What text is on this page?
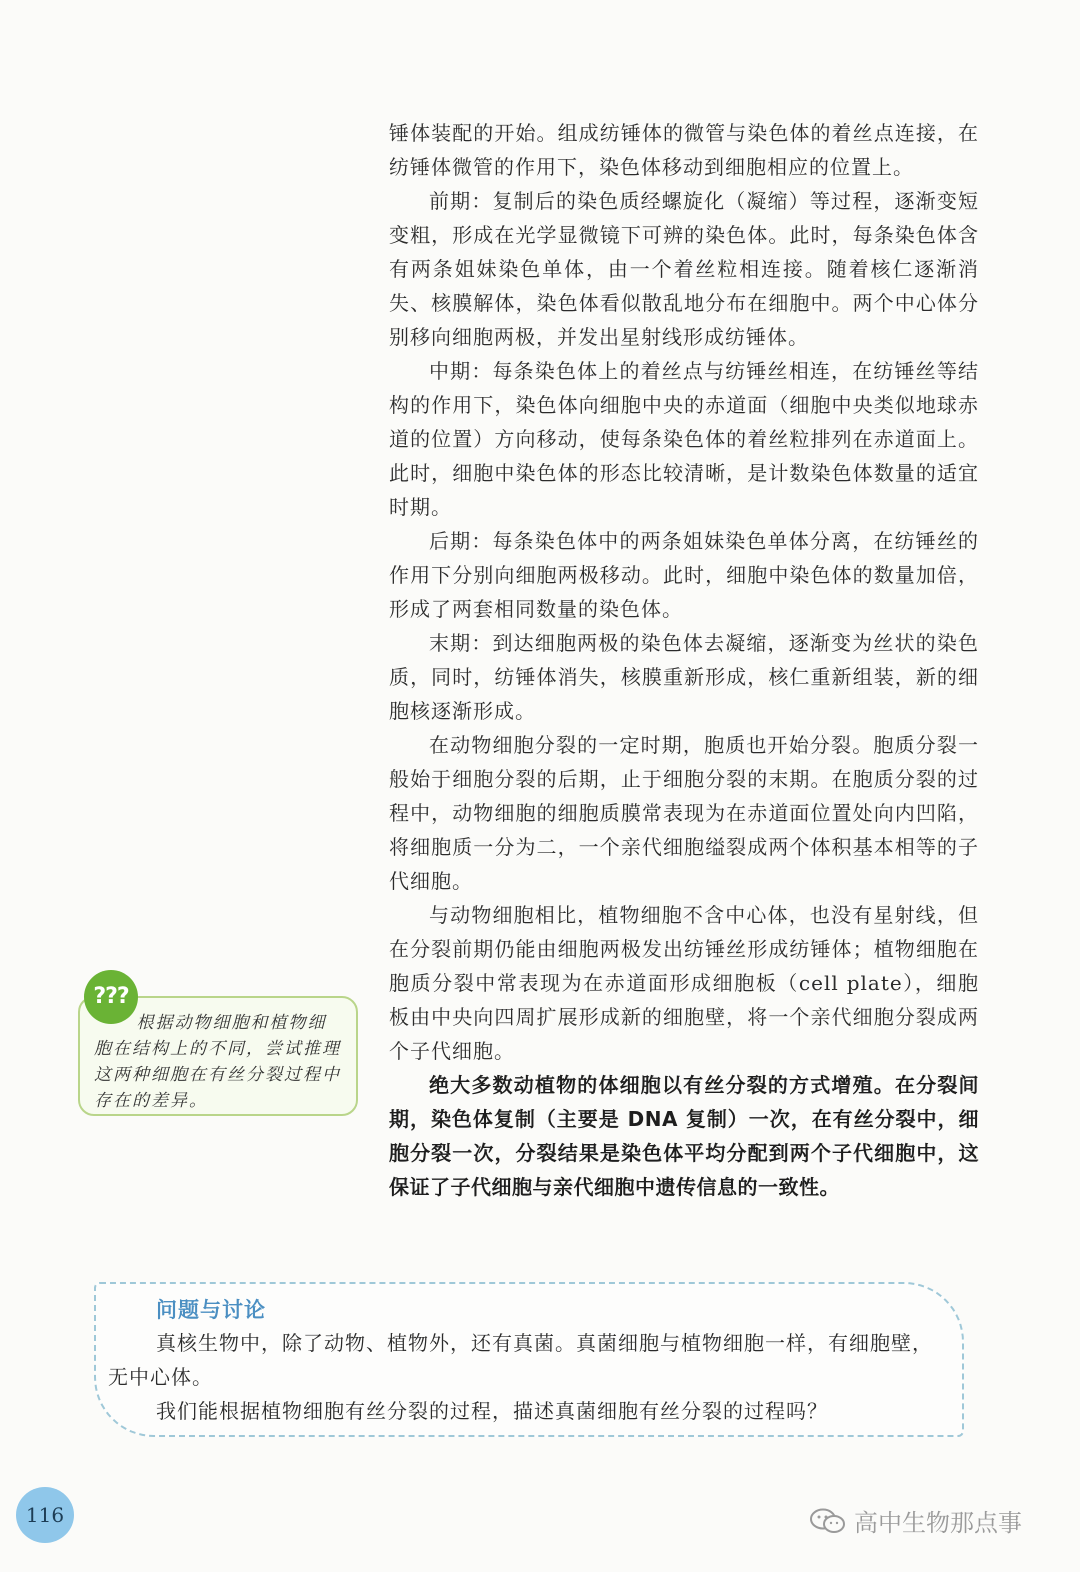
锤体装配的开始。组成纺锤体的微管与染色体的着丝点连接，在纺锤体微管的作用下，染色体移动到细胞相应的位置上。

前期：复制后的染色质经螺旋化（凝缩）等过程，逐渐变短变粗，形成在光学显微镜下可辨的染色体。此时，每条染色体含有两条姐妹染色单体，由一个着丝粒相连接。随着核仁逐渐消失、核膜解体，染色体看似散乱地分布在细胞中。两个中心体分别移向细胞两极，并发出星射线形成纺锤体。

中期：每条染色体上的着丝点与纺锤丝相连，在纺锤丝等结构的作用下，染色体向细胞中央的赤道面（细胞中央类似地球赤道的位置）方向移动，使每条染色体的着丝粒排列在赤道面上。此时，细胞中染色体的形态比较清晰，是计数染色体数量的适宜时期。

后期：每条染色体中的两条姐妹染色单体分离，在纺锤丝的作用下分别向细胞两极移动。此时，细胞中染色体的数量加倍，形成了两套相同数量的染色体。

末期：到达细胞两极的染色体去凝缩，逐渐变为丝状的染色质，同时，纺锤体消失，核膜重新形成，核仁重新组装，新的细胞核逐渐形成。

在动物细胞分裂的一定时期，胞质也开始分裂。胞质分裂一般始于细胞分裂的后期，止于细胞分裂的末期。在胞质分裂的过程中，动物细胞的细胞质膜常表现为在赤道面位置处向内凹陷，将细胞质一分为二，一个亲代细胞缢裂成两个体积基本相等的子代细胞。

与动物细胞相比，植物细胞不含中心体，也没有星射线，但在分裂前期仍能由细胞两极发出纺锤丝形成纺锤体；植物细胞在胞质分裂中常表现为在赤道面形成细胞板（cell plate），细胞板由中央向四周扩展形成新的细胞壁，将一个亲代细胞分裂成两个子代细胞。

绝大多数动植物的体细胞以有丝分裂的方式增殖。在分裂间期，染色体复制（主要是 DNA 复制）一次，在有丝分裂中，细胞分裂一次，分裂结果是染色体平均分配到两个子代细胞中，这保证了子代细胞与亲代细胞中遗传信息的一致性。

根据动物细胞和植物细胞在结构上的不同，尝试推理这两种细胞在有丝分裂过程中存在的差异。

???
问题与讨论

真核生物中，除了动物、植物外，还有真菌。真菌细胞与植物细胞一样，有细胞壁，无中心体。

我们能根据植物细胞有丝分裂的过程，描述真菌细胞有丝分裂的过程吗？

116	高中生物那点事
